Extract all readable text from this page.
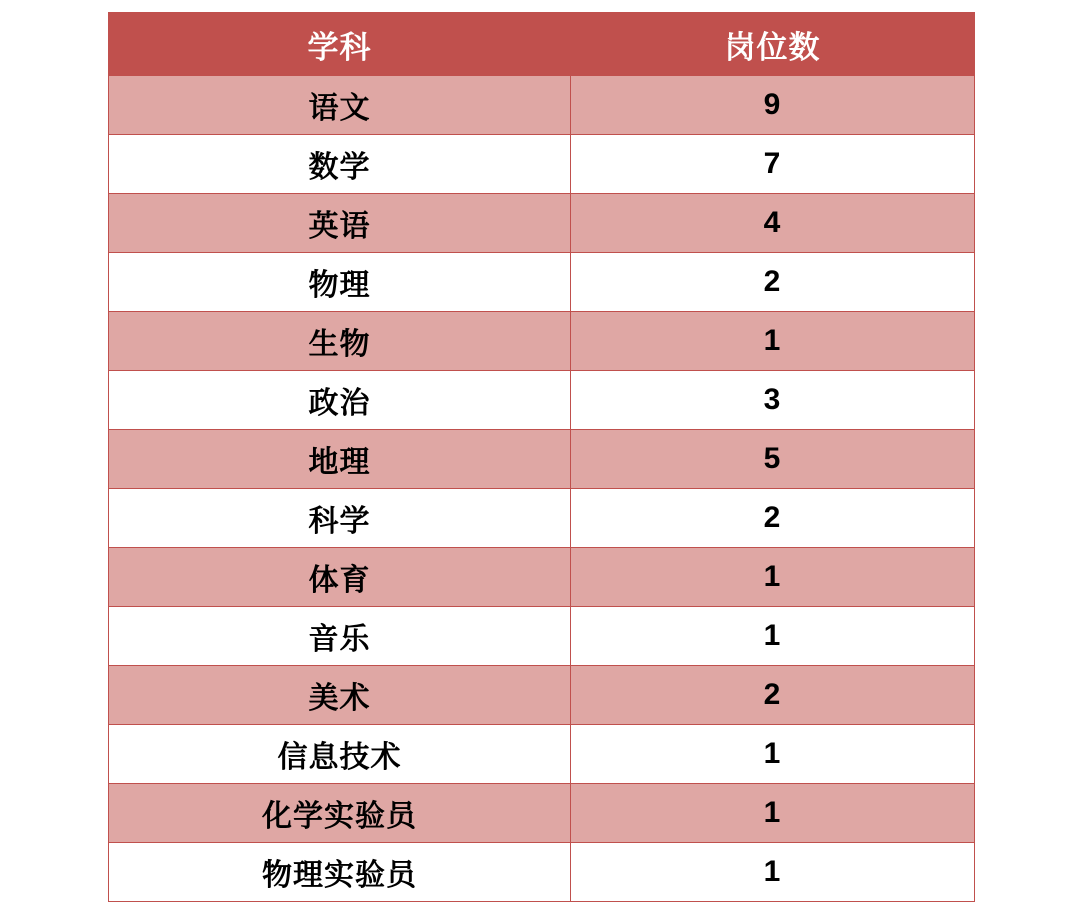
学科	岗位数
语文	9
数学	7
英语	4
物理	2
生物	1
政治	3
地理	5
科学	2
体育	1
音乐	1
美术	2
信息技术	1
化学实验员	1
物理实验员	1
